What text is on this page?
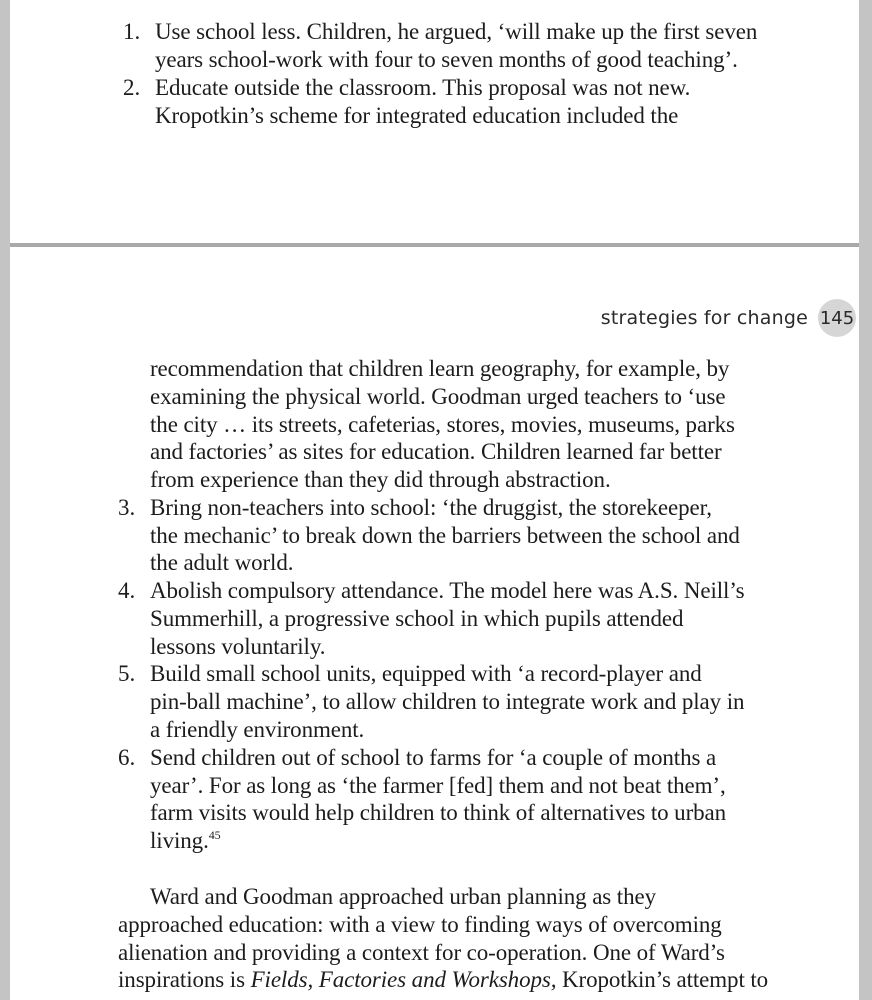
1. Use school less. Children, he argued, ‘will make up the first seven
years school-work with four to seven months of good teaching’.
2. Educate outside the classroom. This proposal was not new.
Kropotkin’s scheme for integrated education included the
strategies for change 145
recommendation that children learn geography, for example, by
examining the physical world. Goodman urged teachers to ‘use
the city … its streets, cafeterias, stores, movies, museums, parks
and factories’ as sites for education. Children learned far better
from experience than they did through abstraction.
3. Bring non-teachers into school: ‘the druggist, the storekeeper,
the mechanic’ to break down the barriers between the school and
the adult world.
4. Abolish compulsory attendance. The model here was A.S. Neill’s
Summerhill, a progressive school in which pupils attended
lessons voluntarily.
5. Build small school units, equipped with ‘a record-player and
pin-ball machine’, to allow children to integrate work and play in
a friendly environment.
6. Send children out of school to farms for ‘a couple of months a
year’. For as long as ‘the farmer [fed] them and not beat them’,
farm visits would help children to think of alternatives to urban
living.$^{45}$
Ward and Goodman approached urban planning as they
approached education: with a view to finding ways of overcoming
alienation and providing a context for co-operation. One of Ward’s
inspirations is Fields, Factories and Workshops, Kropotkin’s attempt to
